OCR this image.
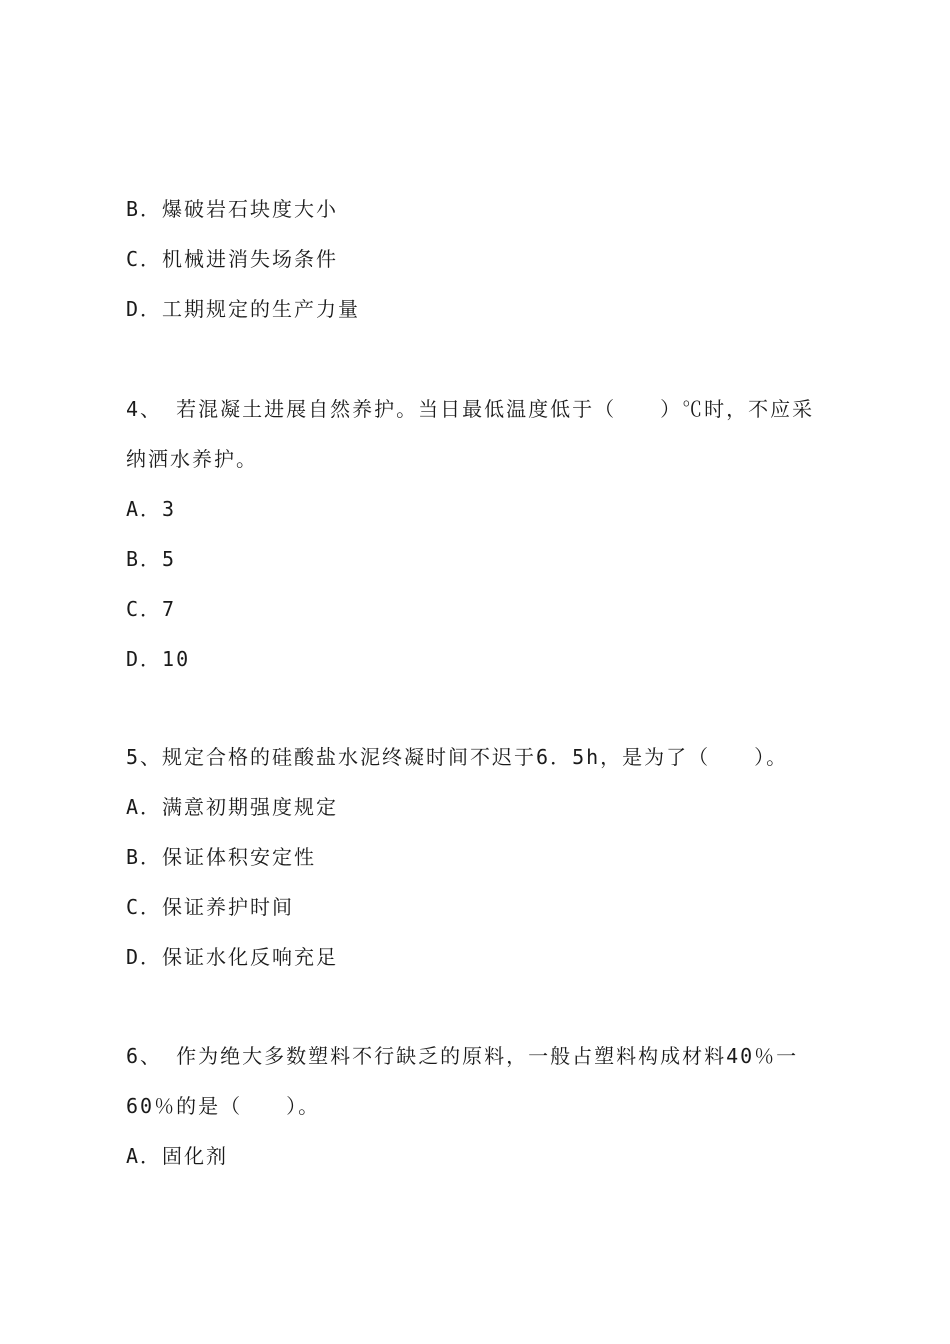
B．爆破岩石块度大小
C．机械进消失场条件
D．工期规定的生产力量
4、 若混凝土进展自然养护。当日最低温度低于（　　）℃时，不应采
纳洒水养护。
A．3
B．5
C．7
D．10
5、规定合格的硅酸盐水泥终凝时间不迟于6．5h，是为了（　　）。
A．满意初期强度规定
B．保证体积安定性
C．保证养护时间
D．保证水化反响充足
6、 作为绝大多数塑料不行缺乏的原料，一般占塑料构成材料40％一
60％的是（　　）。
A．固化剂
